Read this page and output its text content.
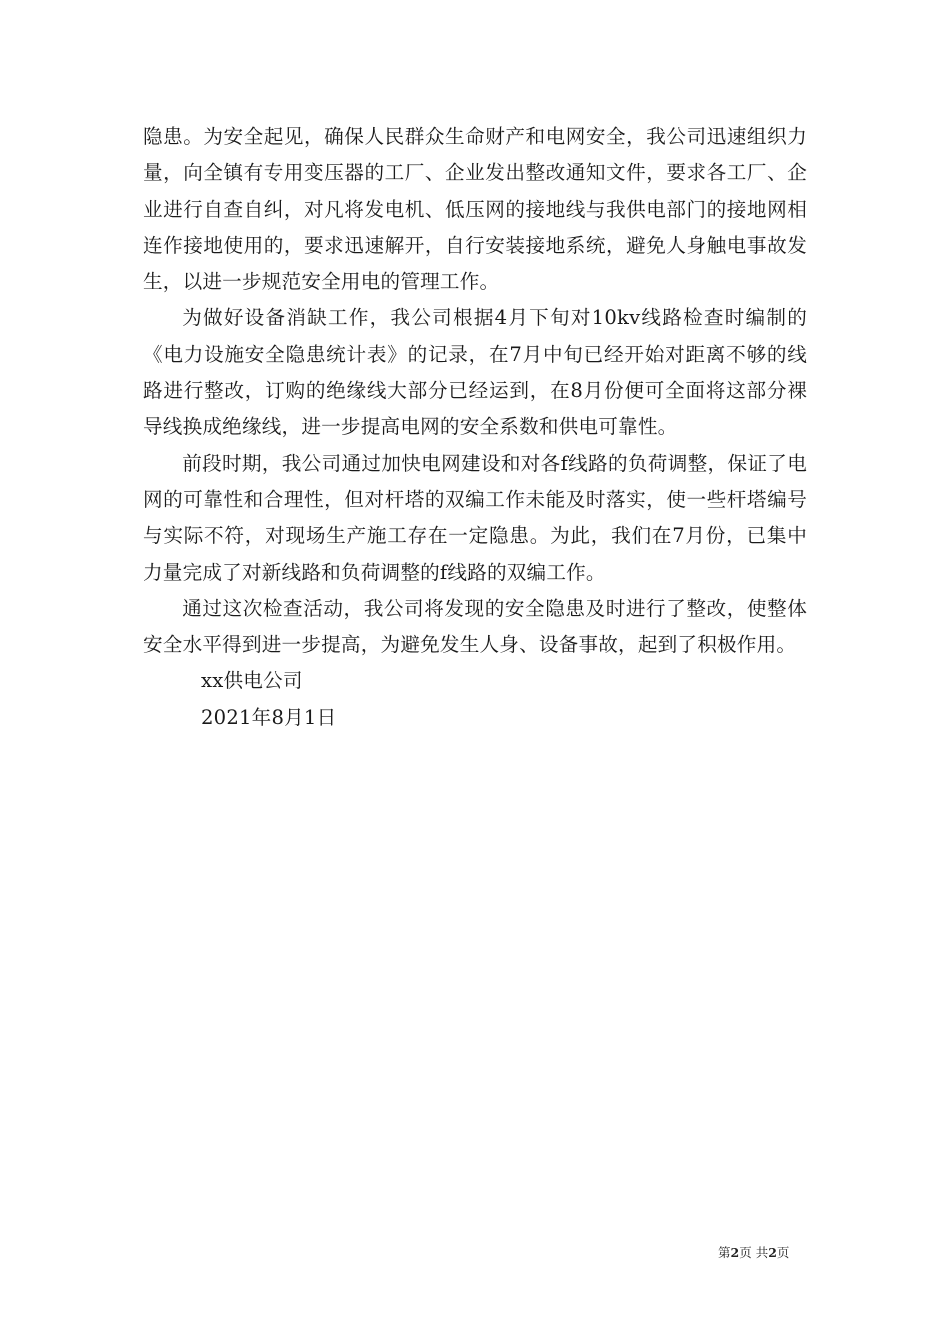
隐患。为安全起见，确保人民群众生命财产和电网安全，我公司迅速组织力量，向全镇有专用变压器的工厂、企业发出整改通知文件，要求各工厂、企业进行自查自纠，对凡将发电机、低压网的接地线与我供电部门的接地网相连作接地使用的，要求迅速解开，自行安装接地系统，避免人身触电事故发生，以进一步规范安全用电的管理工作。

为做好设备消缺工作，我公司根据4月下旬对10kv线路检查时编制的《电力设施安全隐患统计表》的记录，在7月中旬已经开始对距离不够的线路进行整改，订购的绝缘线大部分已经运到，在8月份便可全面将这部分裸导线换成绝缘线，进一步提高电网的安全系数和供电可靠性。

前段时期，我公司通过加快电网建设和对各f线路的负荷调整，保证了电网的可靠性和合理性，但对杆塔的双编工作未能及时落实，使一些杆塔编号与实际不符，对现场生产施工存在一定隐患。为此，我们在7月份，已集中力量完成了对新线路和负荷调整的f线路的双编工作。

通过这次检查活动，我公司将发现的安全隐患及时进行了整改，使整体安全水平得到进一步提高，为避免发生人身、设备事故，起到了积极作用。

xx供电公司

2021年8月1日

第2页 共2页
